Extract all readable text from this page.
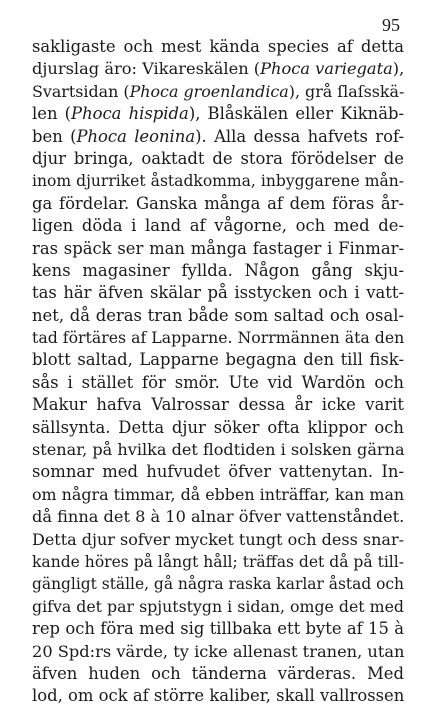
95
sakligaste och mest kända species af detta
djurslag äro: Vikareskälen (Phoca variegata),
Svartsidan (Phoca groenlandica), grå ſlaſsskä-
len (Phoca hispida), Blåskälen eller Kiknäb-
ben (Phoca leonina). Alla dessa hafvets rof-
djur bringa, oaktadt de stora förödelser de
inom djurriket åstadkomma, inbyggarene mån-
ga fördelar. Ganska många af dem föras år-
ligen döda i land af vågorne, och med de-
ras späck ser man många fastager i Finmar-
kens magasiner fyllda. Någon gång skju-
tas här äfven skälar på isstycken och i vatt-
net, då deras tran både som saltad och osal-
tad förtäres af Lapparne. Norrmännen äta den
blott saltad, Lapparne begagna den till fisk-
sås i stället för smör. Ute vid Wardön och
Makur hafva Valrossar dessa år icke varit
sällsynta. Detta djur söker ofta klippor och
stenar, på hvilka det flodtiden i solsken gärna
somnar med hufvudet öfver vattenytan. In-
om några timmar, då ebben inträffar, kan man
då finna det 8 à 10 alnar öfver vattenståndet.
Detta djur sofver mycket tungt och dess snar-
kande höres på långt håll; träffas det då på till-
gängligt ställe, gå några raska karlar åstad och
gifva det par spjutstygn i sidan, omge det med
rep och föra med sig tillbaka ett byte af 15 à
20 Spd:rs värde, ty icke allenast tranen, utan
äfven huden och tänderna värderas. Med
lod, om ock af större kaliber, skall vallrossen
